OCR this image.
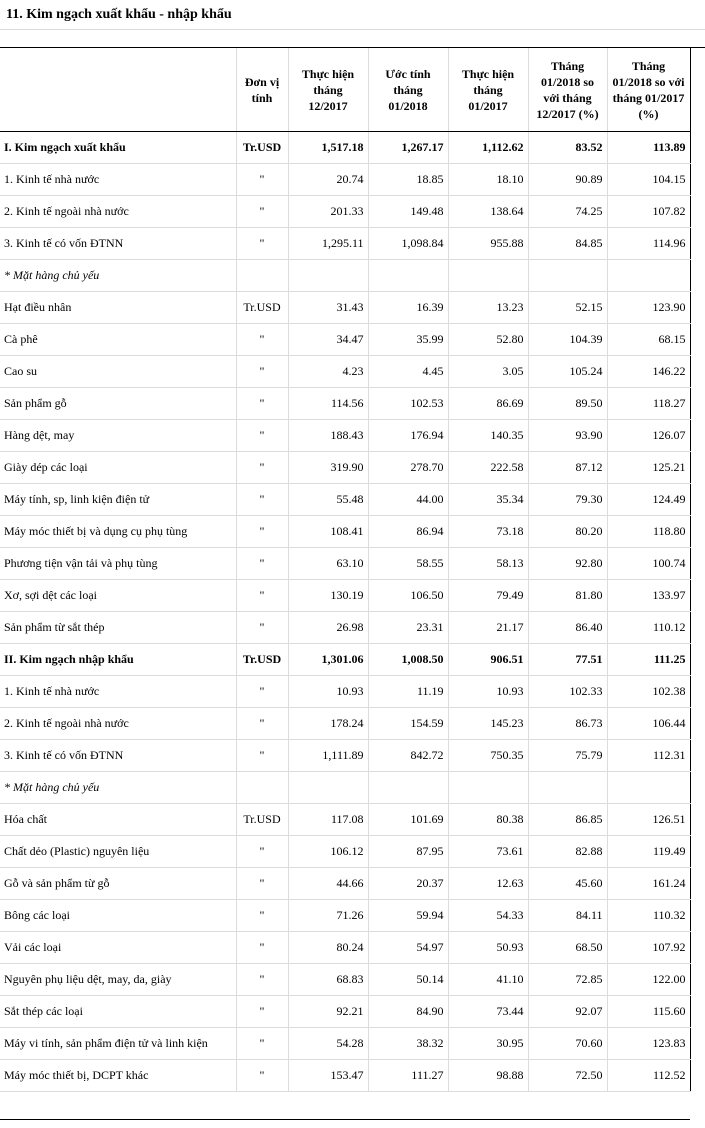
11. Kim ngạch xuất khẩu - nhập khẩu
	Đơn vị tính	Thực hiện tháng 12/2017	Ước tính tháng 01/2018	Thực hiện tháng 01/2017	Tháng 01/2018 so với tháng 12/2017 (%)	Tháng 01/2018 so với tháng 01/2017 (%)
I. Kim ngạch xuất khẩu	Tr.USD	1,517.18	1,267.17	1,112.62	83.52	113.89
1. Kinh tế nhà nước	"	20.74	18.85	18.10	90.89	104.15
2. Kinh tế ngoài nhà nước	"	201.33	149.48	138.64	74.25	107.82
3. Kinh tế có vốn ĐTNN	"	1,295.11	1,098.84	955.88	84.85	114.96
* Mặt hàng chủ yếu						
Hạt điều nhân	Tr.USD	31.43	16.39	13.23	52.15	123.90
Cà phê	"	34.47	35.99	52.80	104.39	68.15
Cao su	"	4.23	4.45	3.05	105.24	146.22
Sản phẩm gỗ	"	114.56	102.53	86.69	89.50	118.27
Hàng dệt, may	"	188.43	176.94	140.35	93.90	126.07
Giày dép các loại	"	319.90	278.70	222.58	87.12	125.21
Máy tính, sp, linh kiện điện tử	"	55.48	44.00	35.34	79.30	124.49
Máy móc thiết bị và dụng cụ phụ tùng	"	108.41	86.94	73.18	80.20	118.80
Phương tiện vận tải và phụ tùng	"	63.10	58.55	58.13	92.80	100.74
Xơ, sợi dệt các loại	"	130.19	106.50	79.49	81.80	133.97
Sản phẩm từ sắt thép	"	26.98	23.31	21.17	86.40	110.12
II. Kim ngạch nhập khẩu	Tr.USD	1,301.06	1,008.50	906.51	77.51	111.25
1. Kinh tế nhà nước	"	10.93	11.19	10.93	102.33	102.38
2. Kinh tế ngoài nhà nước	"	178.24	154.59	145.23	86.73	106.44
3. Kinh tế có vốn ĐTNN	"	1,111.89	842.72	750.35	75.79	112.31
* Mặt hàng chủ yếu						
Hóa chất	Tr.USD	117.08	101.69	80.38	86.85	126.51
Chất dẻo (Plastic) nguyên liệu	"	106.12	87.95	73.61	82.88	119.49
Gỗ và sản phẩm từ gỗ	"	44.66	20.37	12.63	45.60	161.24
Bông các loại	"	71.26	59.94	54.33	84.11	110.32
Vải các loại	"	80.24	54.97	50.93	68.50	107.92
Nguyên phụ liệu dệt, may, da, giày	"	68.83	50.14	41.10	72.85	122.00
Sắt thép các loại	"	92.21	84.90	73.44	92.07	115.60
Máy vi tính, sản phẩm điện tử và linh kiện	"	54.28	38.32	30.95	70.60	123.83
Máy móc thiết bị, DCPT khác	"	153.47	111.27	98.88	72.50	112.52
